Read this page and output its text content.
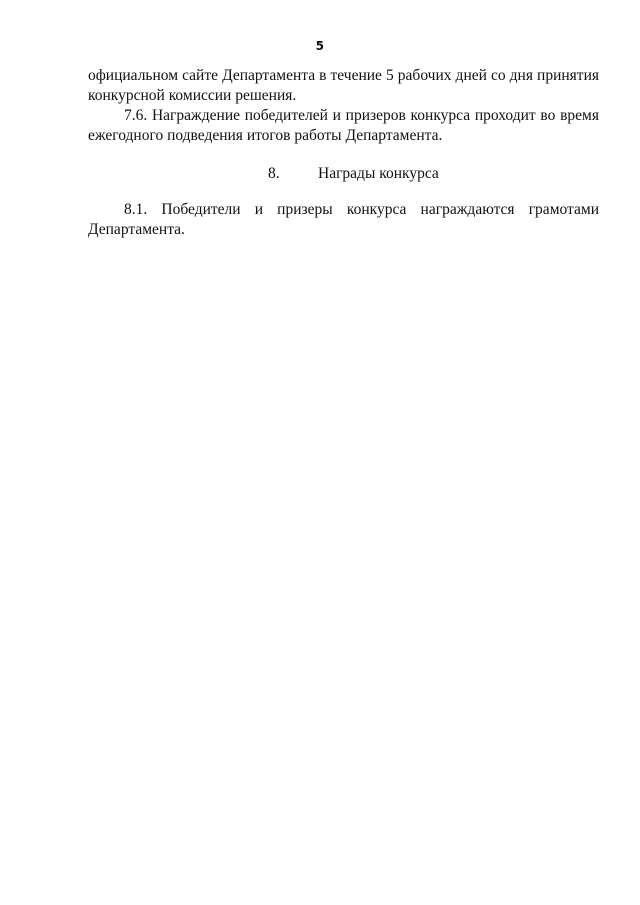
5

официальном сайте Департамента в течение 5 рабочих дней со дня принятия
конкурсной комиссии решения.

7.6. Награждение победителей и призеров конкурса проходит во время
ежегодного подведения итогов работы Департамента.

8. Награды конкурса

8.1. Победители и призеры конкурса награждаются грамотами
Департамента.
